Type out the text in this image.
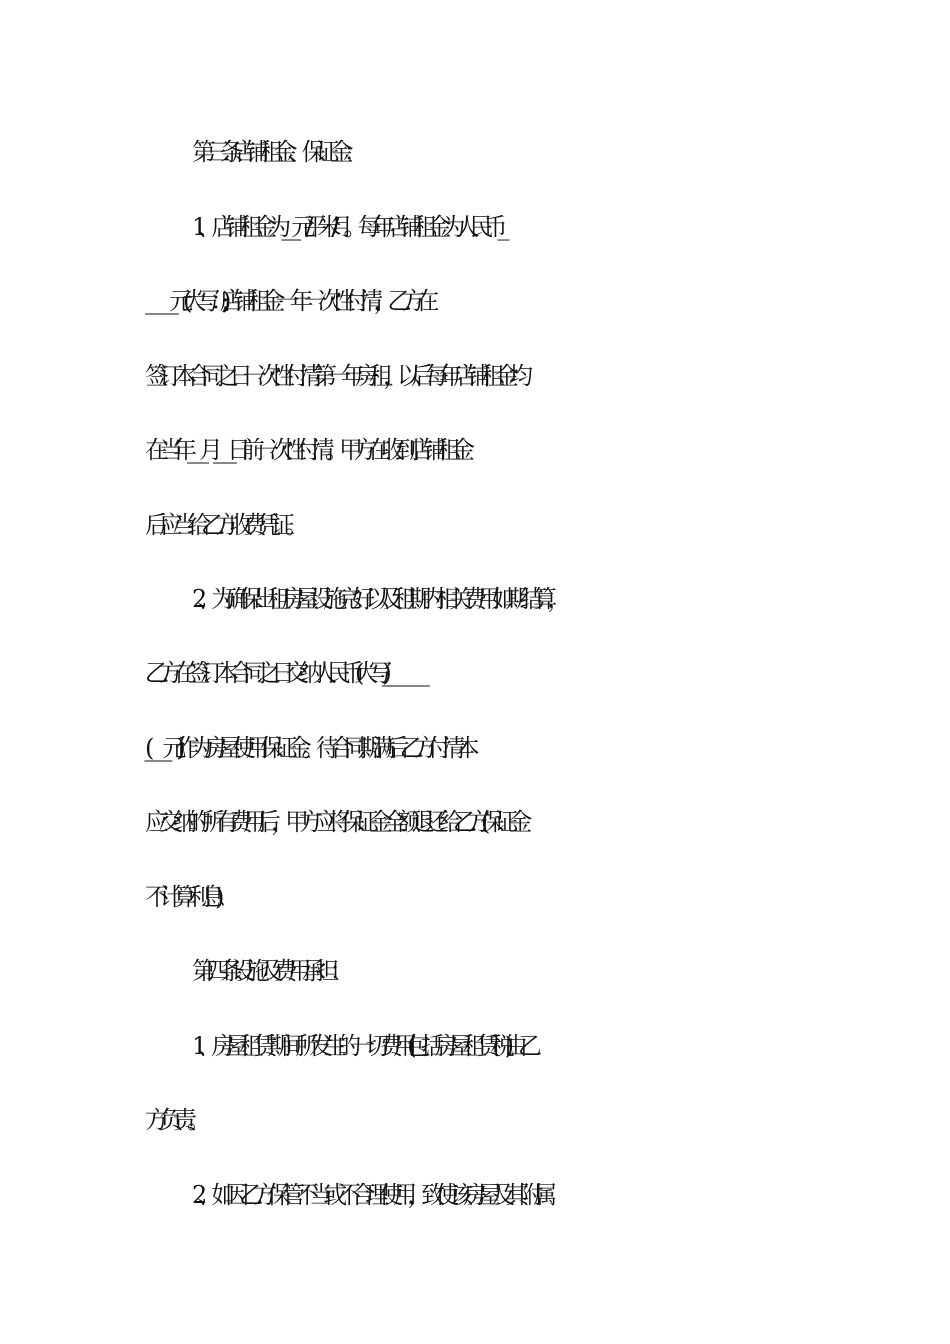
第三条 店铺租金、保证金：
1、店铺租金为_____元/平米/月。每年店铺租金为人民币_
____________元(大写： );店铺租金一年一次性付清，乙方在
签订本合同之日一次性付清第一年房租，以后每年店铺租金均
在当年______月_______日前一次性付清。甲方在收到店铺租金
后应当给乙方收费凭证。
2、为确保出租房屋设施完好以及租期内相关费用如期结算，
乙方在签订本合同之日交纳人民币(大写)___________________
(_________元)作为房屋使用保证金。待合同期满后乙方付清本
应交纳的所有费用后，甲方应将保证金全额退还给乙方(保证金
不计算利息)
第四条 设施及费用承担：
1、房屋租赁期间所发生的一切费用(包括房屋租赁税)由乙
方负责。
2、如因乙方保管不当或不合理使用，致使该房屋及其附属
